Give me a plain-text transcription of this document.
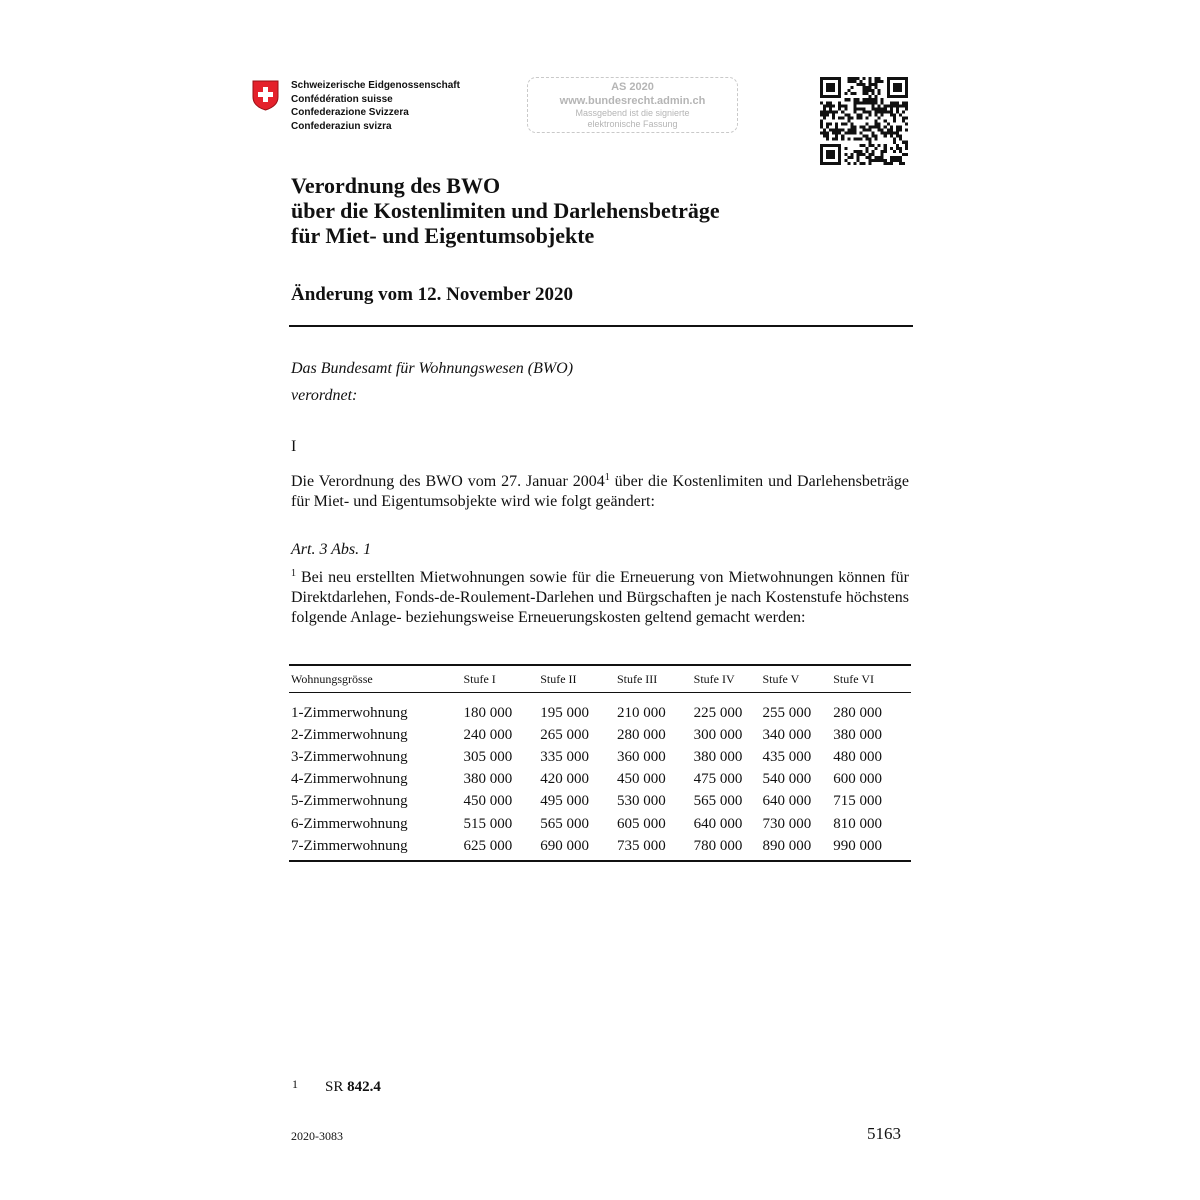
Schweizerische Eidgenossenschaft
Confédération suisse
Confederazione Svizzera
Confederaziun svizra
AS 2020
www.bundesrecht.admin.ch
Massgebend ist die signierte
elektronische Fassung
Verordnung des BWO
über die Kostenlimiten und Darlehensbeträge
für Miet- und Eigentumsobjekte
Änderung vom 12. November 2020
Das Bundesamt für Wohnungswesen (BWO)
verordnet:
I
Die Verordnung des BWO vom 27. Januar 2004$^1$ über die Kostenlimiten und Darlehensbeträge für Miet- und Eigentumsobjekte wird wie folgt geändert:
Art. 3 Abs. 1
$^1$ Bei neu erstellten Mietwohnungen sowie für die Erneuerung von Mietwohnungen können für Direktdarlehen, Fonds-de-Roulement-Darlehen und Bürgschaften je nach Kostenstufe höchstens folgende Anlage- beziehungsweise Erneuerungskosten geltend gemacht werden:
Wohnungsgrösse	Stufe I	Stufe II	Stufe III	Stufe IV	Stufe V	Stufe VI
1-Zimmerwohnung	180 000	195 000	210 000	225 000	255 000	280 000
2-Zimmerwohnung	240 000	265 000	280 000	300 000	340 000	380 000
3-Zimmerwohnung	305 000	335 000	360 000	380 000	435 000	480 000
4-Zimmerwohnung	380 000	420 000	450 000	475 000	540 000	600 000
5-Zimmerwohnung	450 000	495 000	530 000	565 000	640 000	715 000
6-Zimmerwohnung	515 000	565 000	605 000	640 000	730 000	810 000
7-Zimmerwohnung	625 000	690 000	735 000	780 000	890 000	990 000
1 SR 842.4
2020-3083	5163
